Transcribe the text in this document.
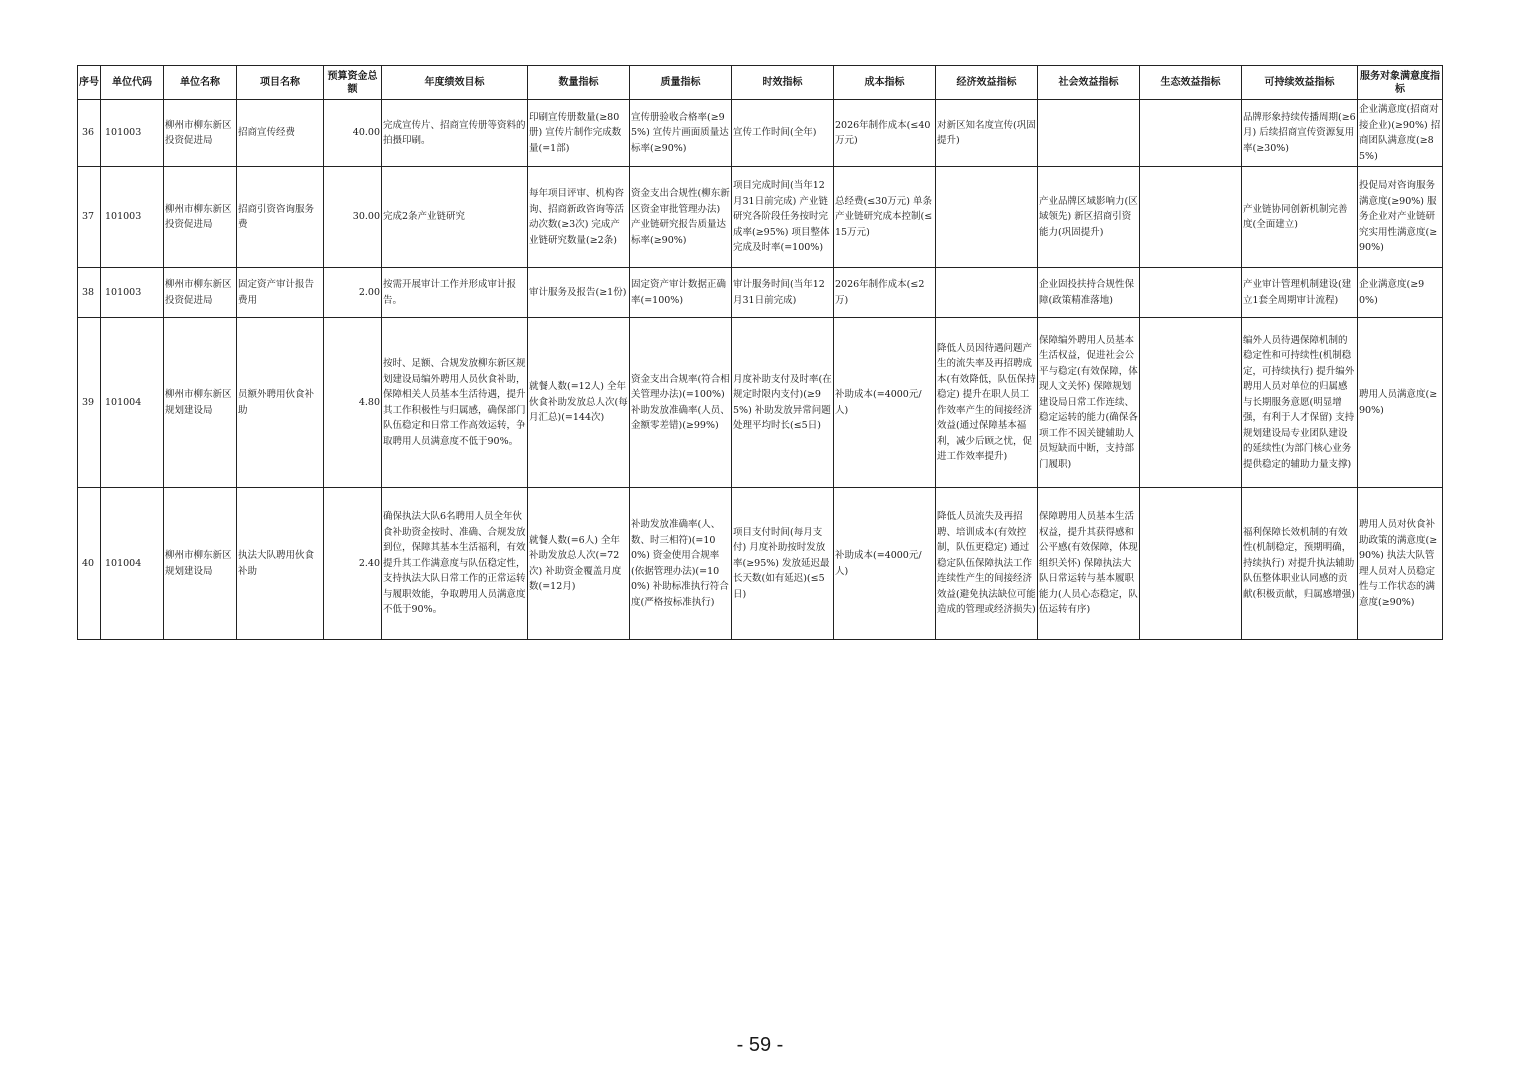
序号	单位代码	单位名称	项目名称	预算资金总额	年度绩效目标	数量指标	质量指标	时效指标	成本指标	经济效益指标	社会效益指标	生态效益指标	可持续效益指标	服务对象满意度指标
36	101003	柳州市柳东新区投资促进局	招商宣传经费	40.00	完成宣传片、招商宣传册等资料的拍摄印刷。	印刷宣传册数量(≥80册) 宣传片制作完成数量(=1部)	宣传册验收合格率(≥95%) 宣传片画面质量达标率(≥90%)	宣传工作时间(全年)	2026年制作成本(≤40万元)	对新区知名度宣传(巩固提升)			品牌形象持续传播周期(≥6月) 后续招商宣传资源复用率(≥30%)	企业满意度(招商对接企业)(≥90%) 招商团队满意度(≥85%)
37	101003	柳州市柳东新区投资促进局	招商引资咨询服务费	30.00	完成2条产业链研究	每年项目评审、机构咨询、招商新政咨询等活动次数(≥3次) 完成产业链研究数量(≥2条)	资金支出合规性(柳东新区资金审批管理办法) 产业链研究报告质量达标率(≥90%)	项目完成时间(当年12月31日前完成) 产业链研究各阶段任务按时完成率(≥95%) 项目整体完成及时率(=100%)	总经费(≤30万元) 单条产业链研究成本控制(≤15万元)		产业品牌区域影响力(区域领先) 新区招商引资能力(巩固提升)		产业链协同创新机制完善度(全面建立)	投促局对咨询服务满意度(≥90%) 服务企业对产业链研究实用性满意度(≥90%)
38	101003	柳州市柳东新区投资促进局	固定资产审计报告费用	2.00	按需开展审计工作并形成审计报告。	审计服务及报告(≥1份)	固定资产审计数据正确率(=100%)	审计服务时间(当年12月31日前完成)	2026年制作成本(≤2万)		企业固投扶持合规性保障(政策精准落地)		产业审计管理机制建设(建立1套全周期审计流程)	企业满意度(≥90%)
39	101004	柳州市柳东新区规划建设局	员额外聘用伙食补助	4.80	按时、足额、合规发放柳东新区规划建设局编外聘用人员伙食补助，保障相关人员基本生活待遇，提升其工作积极性与归属感，确保部门队伍稳定和日常工作高效运转，争取聘用人员满意度不低于90%。	就餐人数(=12人) 全年伙食补助发放总人次(每月汇总)(=144次)	资金支出合规率(符合相关管理办法)(=100%) 补助发放准确率(人员、金额零差错)(≥99%)	月度补助支付及时率(在规定时限内支付)(≥95%) 补助发放异常问题处理平均时长(≤5日)	补助成本(=4000元/人)	降低人员因待遇问题产生的流失率及再招聘成本(有效降低，队伍保持稳定) 提升在职人员工作效率产生的间接经济效益(通过保障基本福利，减少后顾之忧，促进工作效率提升)	保障编外聘用人员基本生活权益，促进社会公平与稳定(有效保障，体现人文关怀) 保障规划建设局日常工作连续、稳定运转的能力(确保各项工作不因关键辅助人员短缺而中断，支持部门履职)		编外人员待遇保障机制的稳定性和可持续性(机制稳定，可持续执行) 提升编外聘用人员对单位的归属感与长期服务意愿(明显增强，有利于人才保留) 支持规划建设局专业团队建设的延续性(为部门核心业务提供稳定的辅助力量支撑)	聘用人员满意度(≥90%)
40	101004	柳州市柳东新区规划建设局	执法大队聘用伙食补助	2.40	确保执法大队6名聘用人员全年伙食补助资金按时、准确、合规发放到位，保障其基本生活福利，有效提升其工作满意度与队伍稳定性，支持执法大队日常工作的正常运转与履职效能，争取聘用人员满意度不低于90%。	就餐人数(=6人) 全年补助发放总人次(=72次) 补助资金覆盖月度数(=12月)	补助发放准确率(人、数、时三相符)(=100%) 资金使用合规率(依据管理办法)(=100%) 补助标准执行符合度(严格按标准执行)	项目支付时间(每月支付) 月度补助按时发放率(≥95%) 发放延迟最长天数(如有延迟)(≤5日)	补助成本(=4000元/人)	降低人员流失及再招聘、培训成本(有效控制，队伍更稳定) 通过稳定队伍保障执法工作连续性产生的间接经济效益(避免执法缺位可能造成的管理或经济损失)	保障聘用人员基本生活权益，提升其获得感和公平感(有效保障，体现组织关怀) 保障执法大队日常运转与基本履职能力(人员心态稳定，队伍运转有序)		福利保障长效机制的有效性(机制稳定，预期明确，持续执行) 对提升执法辅助队伍整体职业认同感的贡献(积极贡献，归属感增强)	聘用人员对伙食补助政策的满意度(≥90%) 执法大队管理人员对人员稳定性与工作状态的满意度(≥90%)
- 59 -
